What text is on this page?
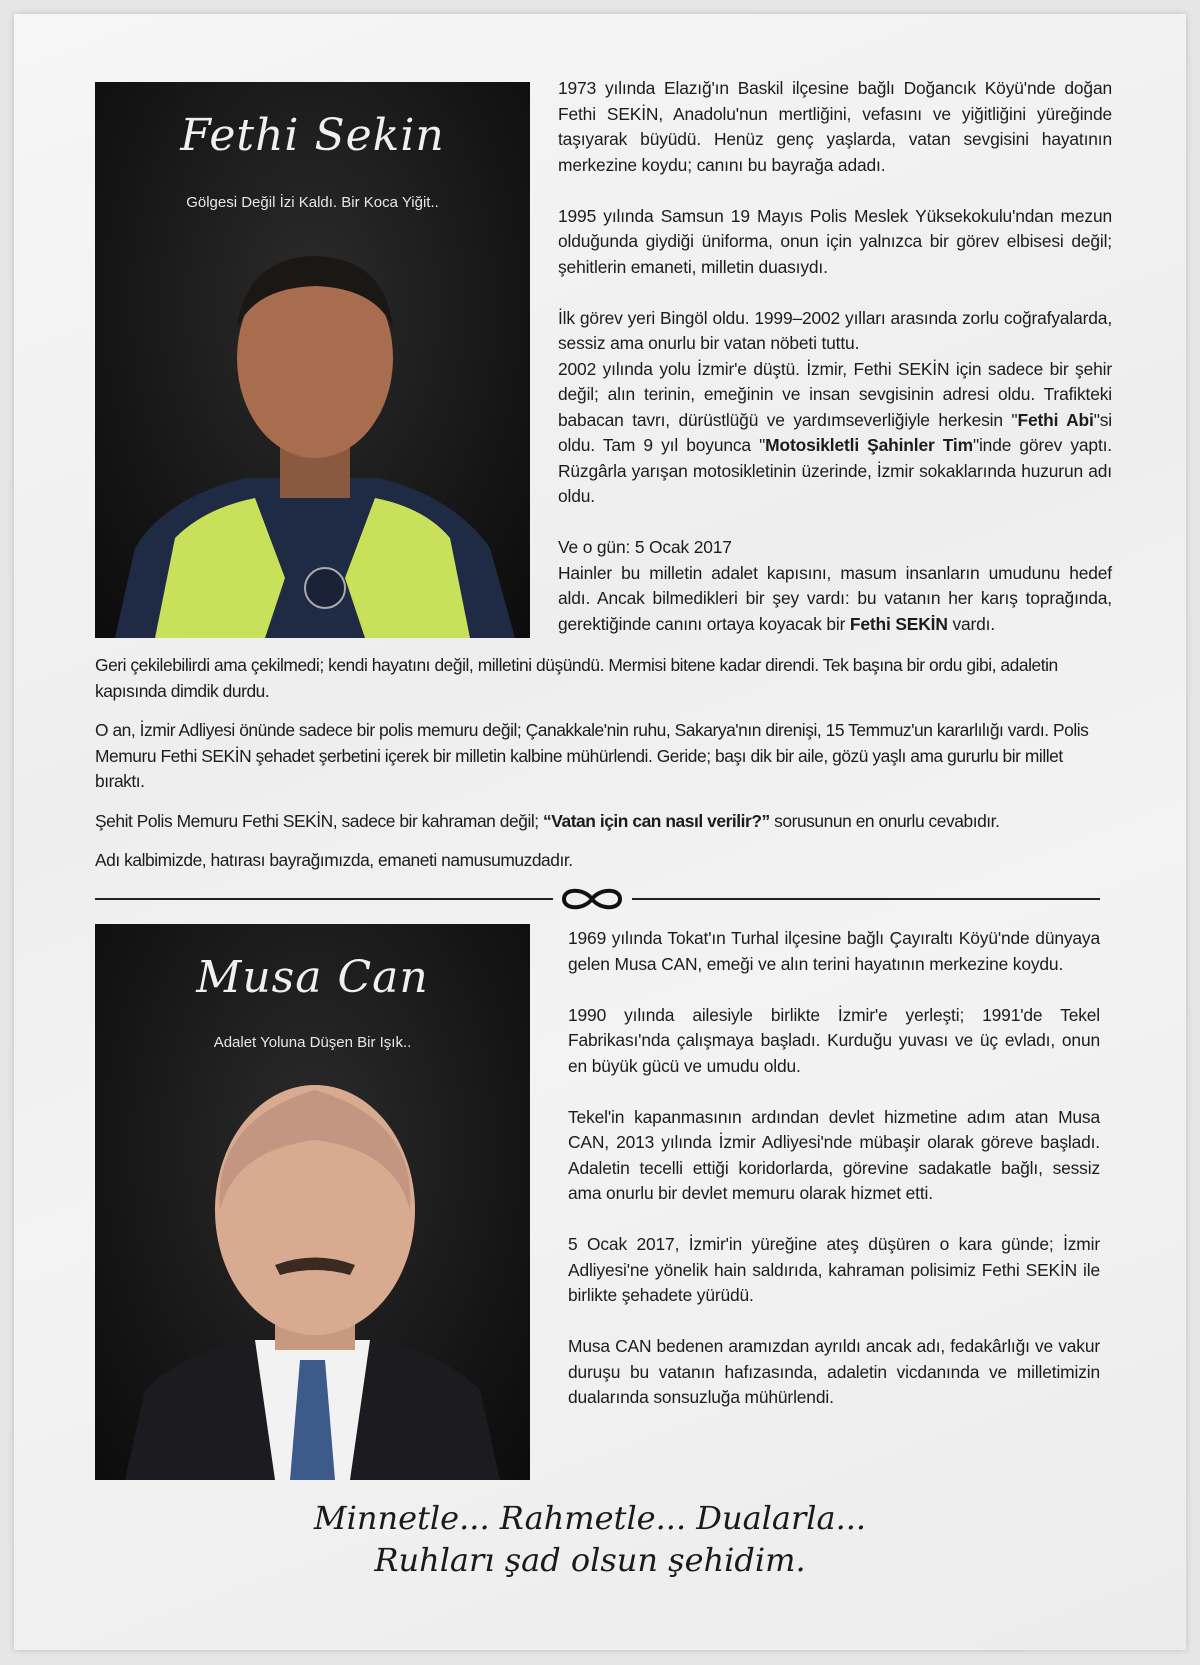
Fethi Sekin
Gölgesi Değil İzi Kaldı. Bir Koca Yiğit..

1973 yılında Elazığ'ın Baskil ilçesine bağlı Doğancık Köyü'nde doğan Fethi SEKİN, Anadolu'nun mertliğini, vefasını ve yiğitliğini yüreğinde taşıyarak büyüdü. Henüz genç yaşlarda, vatan sevgisini hayatının merkezine koydu; canını bu bayrağa adadı.

1995 yılında Samsun 19 Mayıs Polis Meslek Yüksekokulu'ndan mezun olduğunda giydiği üniforma, onun için yalnızca bir görev elbisesi değil; şehitlerin emaneti, milletin duasıydı.

İlk görev yeri Bingöl oldu. 1999–2002 yılları arasında zorlu coğrafyalarda, sessiz ama onurlu bir vatan nöbeti tuttu.

2002 yılında yolu İzmir'e düştü. İzmir, Fethi SEKİN için sadece bir şehir değil; alın terinin, emeğinin ve insan sevgisinin adresi oldu. Trafikteki babacan tavrı, dürüstlüğü ve yardımseverliğiyle herkesin "Fethi Abi"si oldu. Tam 9 yıl boyunca "Motosikletli Şahinler Tim"inde görev yaptı. Rüzgârla yarışan motosikletinin üzerinde, İzmir sokaklarında huzurun adı oldu.

Ve o gün: 5 Ocak 2017
Hainler bu milletin adalet kapısını, masum insanların umudunu hedef aldı. Ancak bilmedikleri bir şey vardı: bu vatanın her karış toprağında, gerektiğinde canını ortaya koyacak bir Fethi SEKİN vardı.

Geri çekilebilirdi ama çekilmedi; kendi hayatını değil, milletini düşündü. Mermisi bitene kadar direndi. Tek başına bir ordu gibi, adaletin kapısında dimdik durdu.

O an, İzmir Adliyesi önünde sadece bir polis memuru değil; Çanakkale'nin ruhu, Sakarya'nın direnişi, 15 Temmuz'un kararlılığı vardı. Polis Memuru Fethi SEKİN şehadet şerbetini içerek bir milletin kalbine mühürlendi. Geride; başı dik bir aile, gözü yaşlı ama gururlu bir millet bıraktı.

Şehit Polis Memuru Fethi SEKİN, sadece bir kahraman değil; “Vatan için can nasıl verilir?” sorusunun en onurlu cevabıdır.

Adı kalbimizde, hatırası bayrağımızda, emaneti namusumuzdadır.

Musa Can
Adalet Yoluna Düşen Bir Işık..

1969 yılında Tokat'ın Turhal ilçesine bağlı Çayıraltı Köyü'nde dünyaya gelen Musa CAN, emeği ve alın terini hayatının merkezine koydu.

1990 yılında ailesiyle birlikte İzmir'e yerleşti; 1991'de Tekel Fabrikası'nda çalışmaya başladı. Kurduğu yuvası ve üç evladı, onun en büyük gücü ve umudu oldu.

Tekel'in kapanmasının ardından devlet hizmetine adım atan Musa CAN, 2013 yılında İzmir Adliyesi'nde mübaşir olarak göreve başladı. Adaletin tecelli ettiği koridorlarda, görevine sadakatle bağlı, sessiz ama onurlu bir devlet memuru olarak hizmet etti.

5 Ocak 2017, İzmir'in yüreğine ateş düşüren o kara günde; İzmir Adliyesi'ne yönelik hain saldırıda, kahraman polisimiz Fethi SEKİN ile birlikte şehadete yürüdü.

Musa CAN bedenen aramızdan ayrıldı ancak adı, fedakârlığı ve vakur duruşu bu vatanın hafızasında, adaletin vicdanında ve milletimizin dualarında sonsuzluğa mühürlendi.

Minnetle... Rahmetle... Dualarla...
Ruhları şad olsun şehidim.
